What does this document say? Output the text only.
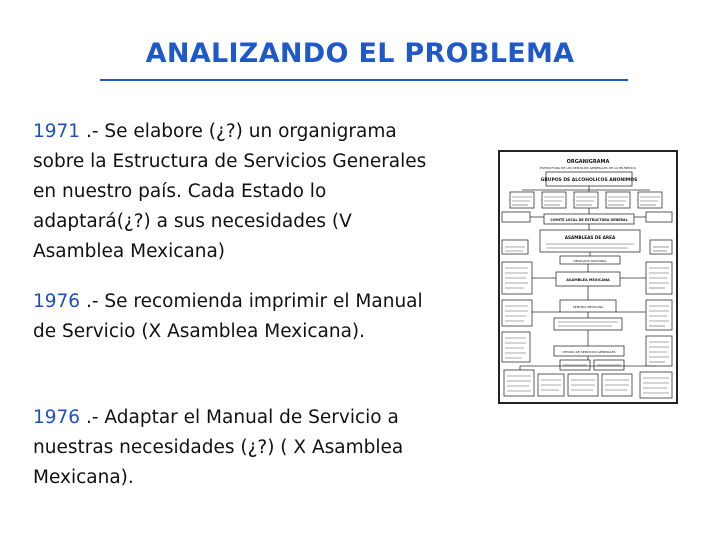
ANALIZANDO EL PROBLEMA
1971 .- Se elabore (¿?) un organigrama sobre la Estructura de Servicios Generales en nuestro país. Cada Estado lo adaptará(¿?) a sus necesidades (V Asamblea Mexicana)
1976 .- Se recomienda imprimir el Manual de Servicio (X Asamblea Mexicana).
1976 .- Adaptar el Manual de Servicio a nuestras necesidades (¿?) ( X Asamblea Mexicana).
ORGANIGRAMA
ESTRUCTURA DE LOS SERVICIOS GENERALES DE AA EN MEXICO
GRUPOS DE ALCOHOLICOS ANONIMOS
COMITÉ LOCAL DE ESTRUCTURA GENERAL
ASAMBLEAS DE AREA
DELEGADO NACIONAL
ASAMBLEA MEXICANA
CENTRAL MEXICANA
OFICINA DE SERVICIOS GENERALES
